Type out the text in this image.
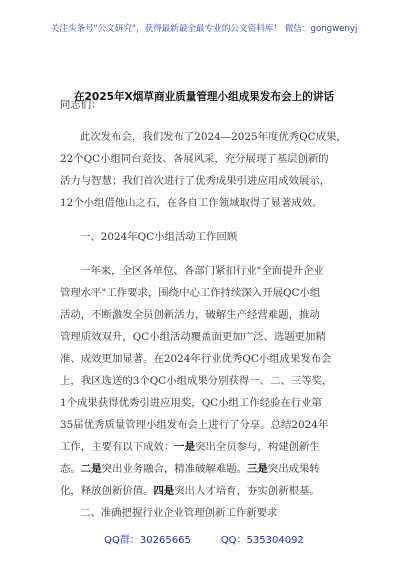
关注头条号"公文研究"，获得最新最全最专业的公文资料库！ 微信：gongwenyj
在2025年X烟草商业质量管理小组成果发布会上的讲话
同志们：
此次发布会，我们发布了2024—2025年度优秀QC成果，
22个QC小组同台竞技、各展风采，充分展现了基层创新的
活力与智慧；我们首次进行了优秀成果引进应用成效展示，
12个小组借他山之石，在各自工作领域取得了显著成效。
一、2024年QC小组活动工作回顾
一年来，全区各单位、各部门紧扣行业"全面提升企业
管理水平"工作要求，围绕中心工作持续深入开展QC小组
活动，不断激发全员创新活力，破解生产经营难题，推动
管理质效双升，QC小组活动覆盖面更加广泛、选题更加精
准、成效更加显著。在2024年行业优秀QC小组成果发布会
上，我区选送的3个QC小组成果分别获得一、二、三等奖，
1个成果获得优秀引进应用奖，QC小组工作经验在行业第
35届优秀质量管理小组发布会上进行了分享。总结2024年
工作，主要有以下成效：一是突出全员参与，构建创新生
态。二是突出业务融合，精准破解难题。三是突出成果转
化，释放创新价值。四是突出人才培育，夯实创新根基。
二、准确把握行业企业管理创新工作新要求
QQ群：30265665	QQ：535304092
